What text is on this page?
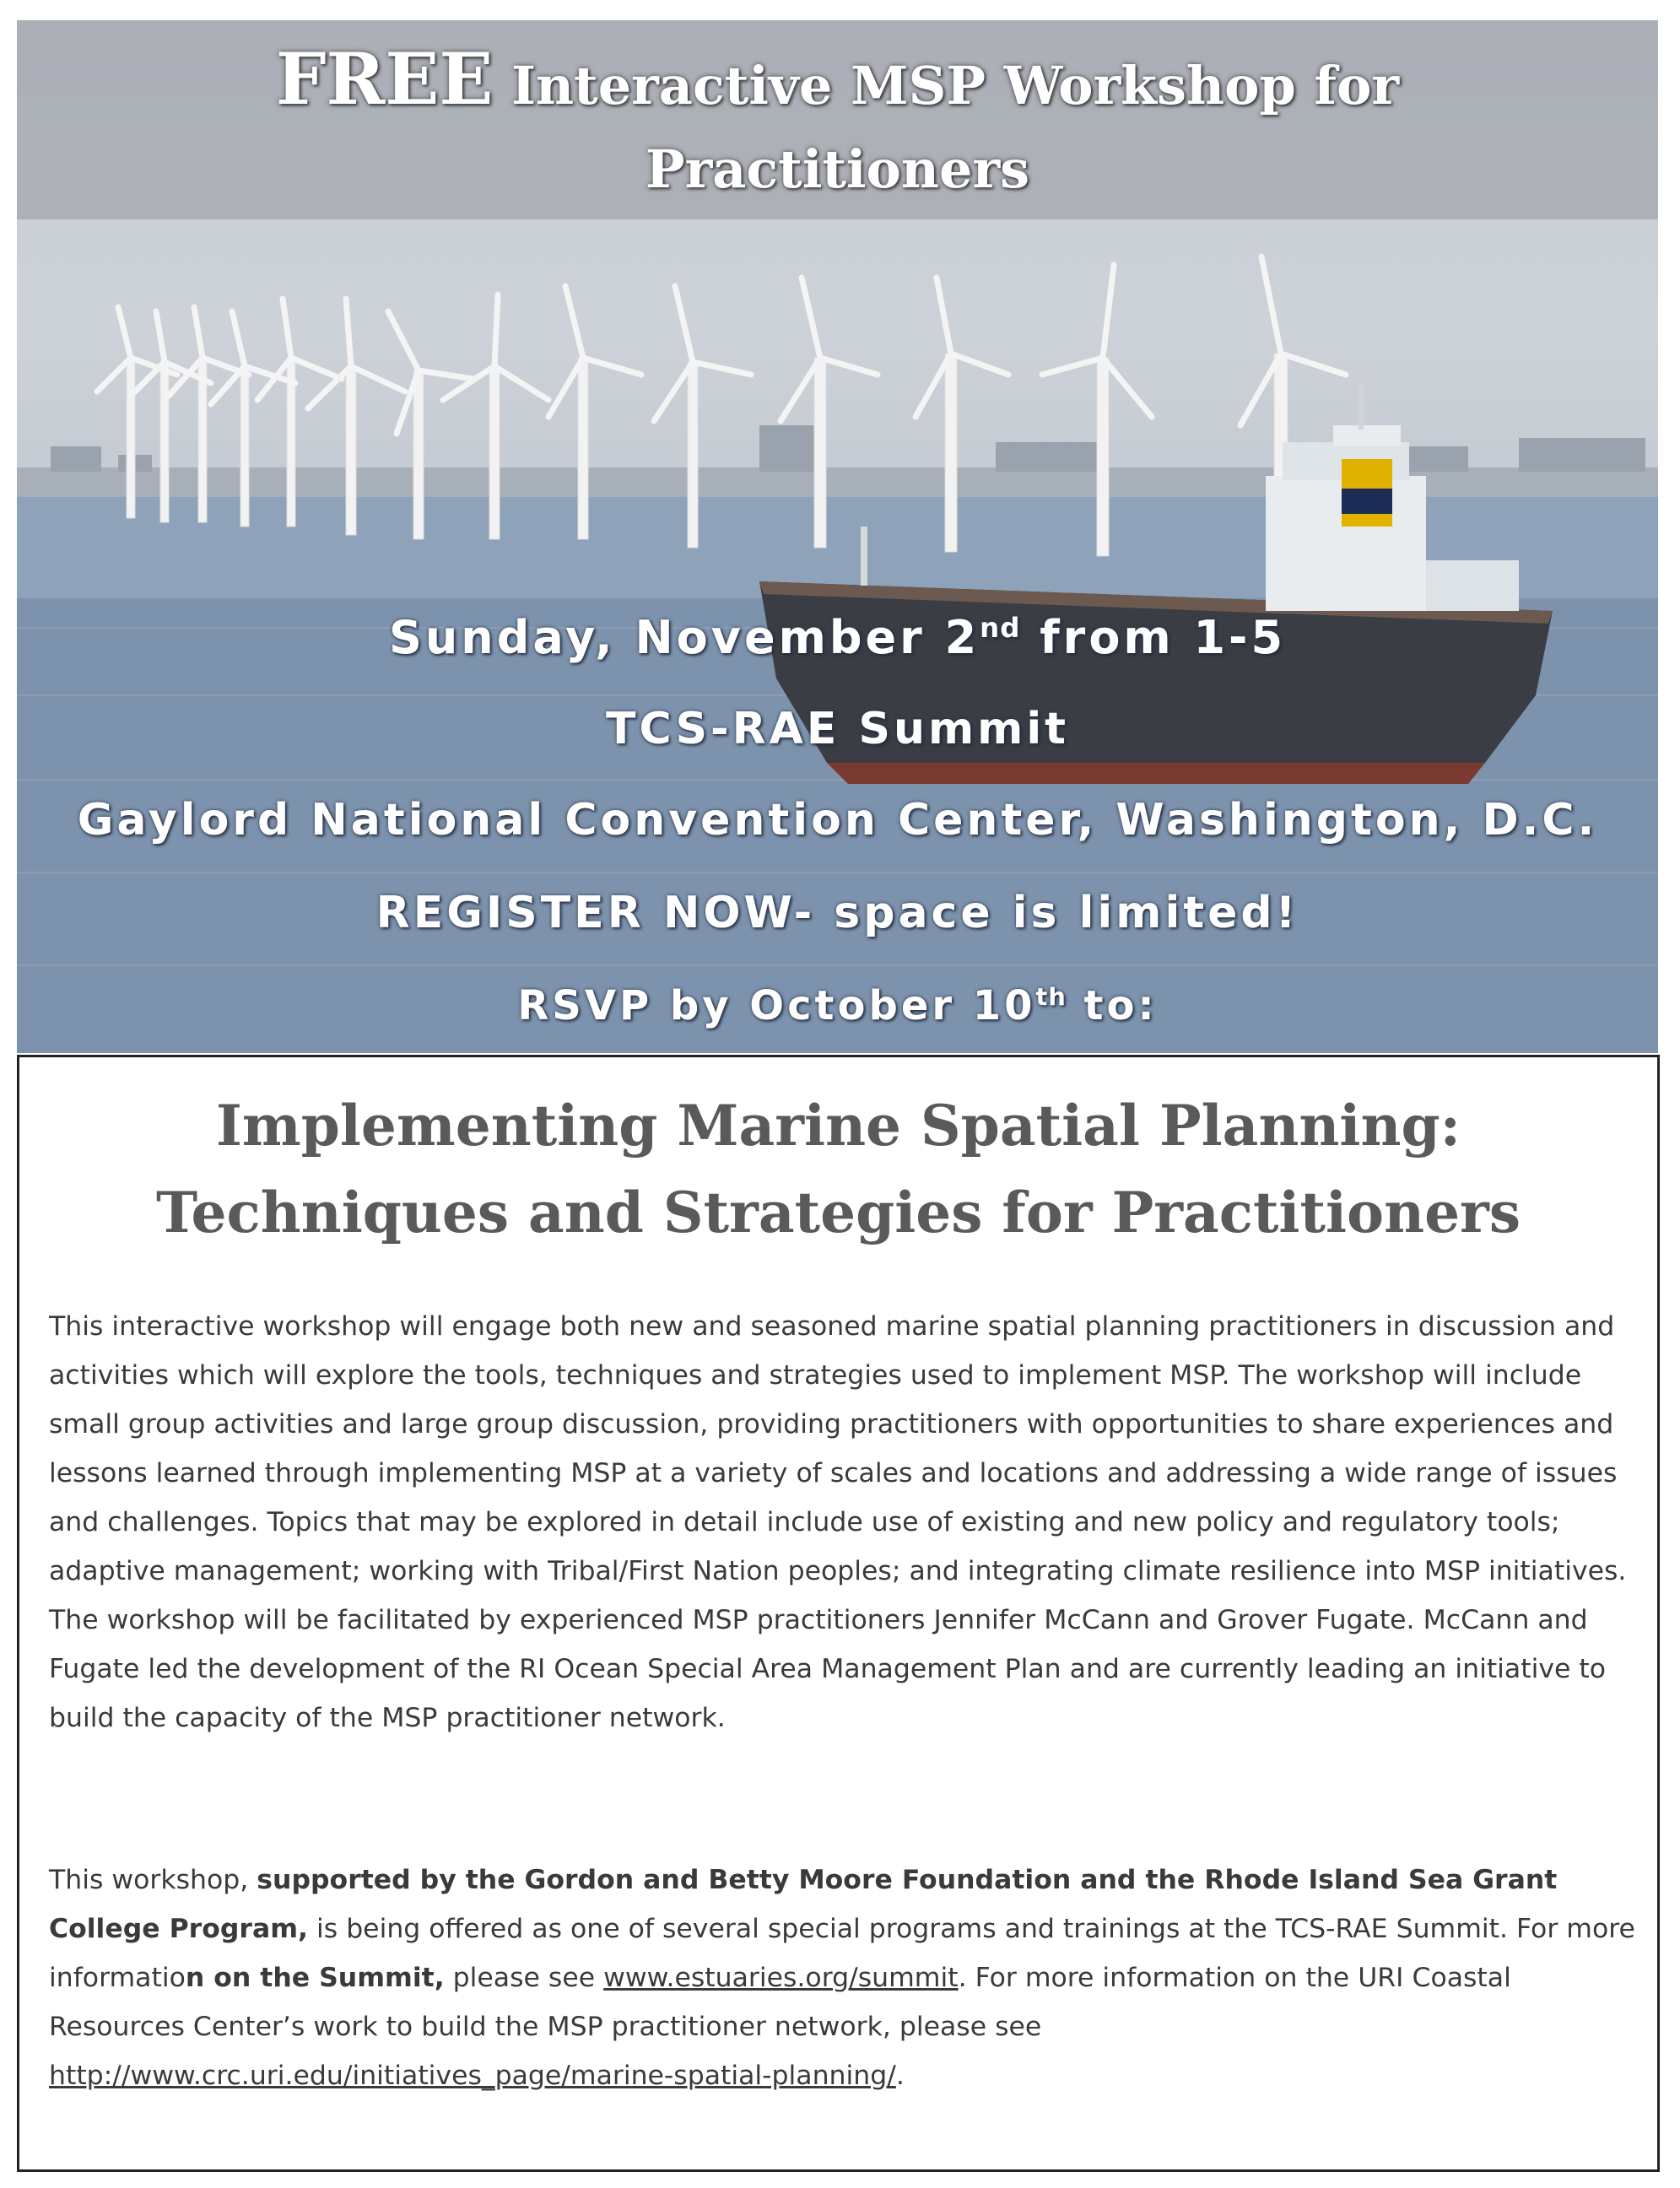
FREE Interactive MSP Workshop for
Practitioners

Sunday, November 2nd from 1-5

TCS-RAE Summit

Gaylord National Convention Center, Washington, D.C.

REGISTER NOW- space is limited!

RSVP by October 10th to:

Implementing Marine Spatial Planning:
Techniques and Strategies for Practitioners

This interactive workshop will engage both new and seasoned marine spatial planning practitioners in discussion and activities which will explore the tools, techniques and strategies used to implement MSP. The workshop will include small group activities and large group discussion, providing practitioners with opportunities to share experiences and lessons learned through implementing MSP at a variety of scales and locations and addressing a wide range of issues and challenges. Topics that may be explored in detail include use of existing and new policy and regulatory tools; adaptive management; working with Tribal/First Nation peoples; and integrating climate resilience into MSP initiatives. The workshop will be facilitated by experienced MSP practitioners Jennifer McCann and Grover Fugate. McCann and Fugate led the development of the RI Ocean Special Area Management Plan and are currently leading an initiative to build the capacity of the MSP practitioner network.

This workshop, supported by the Gordon and Betty Moore Foundation and the Rhode Island Sea Grant College Program, is being offered as one of several special programs and trainings at the TCS-RAE Summit. For more information on the Summit, please see www.estuaries.org/summit. For more information on the URI Coastal Resources Center’s work to build the MSP practitioner network, please see http://www.crc.uri.edu/initiatives_page/marine-spatial-planning/.
